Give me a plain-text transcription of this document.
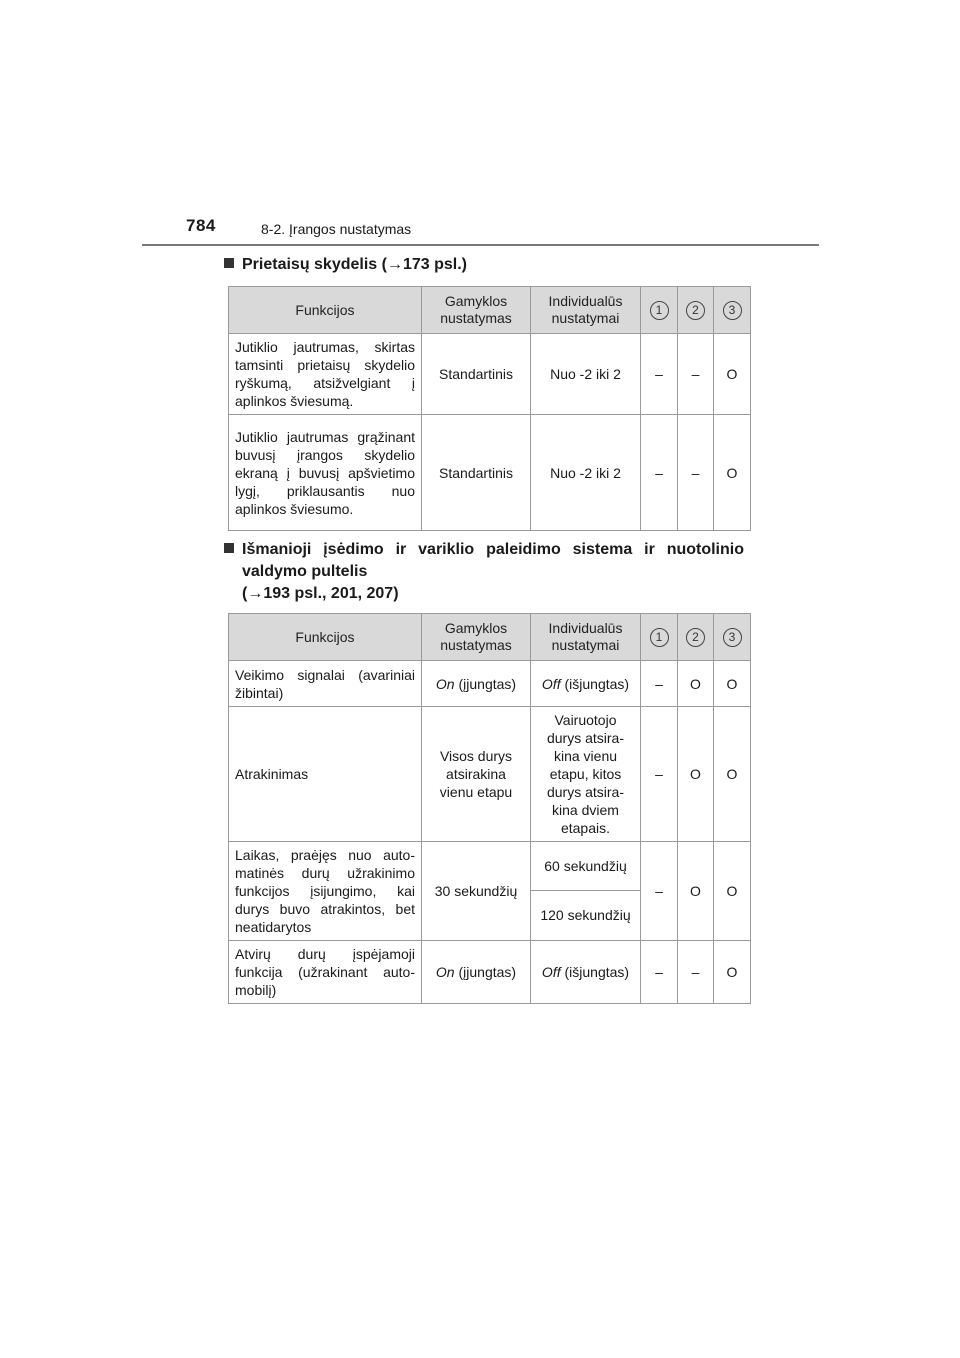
784	8-2. Įrangos nustatymas
Prietaisų skydelis (→173 psl.)
Funkcijos	Gamyklos nustatymas	Individualūs nustatymai	1	2	3
Jutiklio jautrumas, skirtas tamsinti prietaisų skydelio ryškumą, atsižvelgiant į aplinkos šviesumą.	Standartinis	Nuo -2 iki 2	–	–	O
Jutiklio jautrumas grąžinant buvusį įrangos skydelio ekraną į buvusį apšvietimo lygį, priklausantis nuo aplinkos šviesumo.	Standartinis	Nuo -2 iki 2	–	–	O
Išmanioji įsėdimo ir variklio paleidimo sistema ir nuotolinio
valdymo pultelis
(→193 psl., 201, 207)
Funkcijos	Gamyklos nustatymas	Individualūs nustatymai	1	2	3
Veikimo signalai (avariniai žibintai)	On (įjungtas)	Off (išjungtas)	–	O	O
Atrakinimas	Visos durys atsirakina vienu etapu	Vairuotojo durys atsirakina vienu etapu, kitos durys atsirakina dviem etapais.	–	O	O
Laikas, praėjęs nuo automatinės durų užrakinimo funkcijos įsijungimo, kai durys buvo atrakintos, bet neatidarytos	30 sekundžių	60 sekundžių	–	O	O
		120 sekundžių			
Atvirų durų įspėjamoji funkcija (užrakinant automobilį)	On (įjungtas)	Off (išjungtas)	–	–	O
